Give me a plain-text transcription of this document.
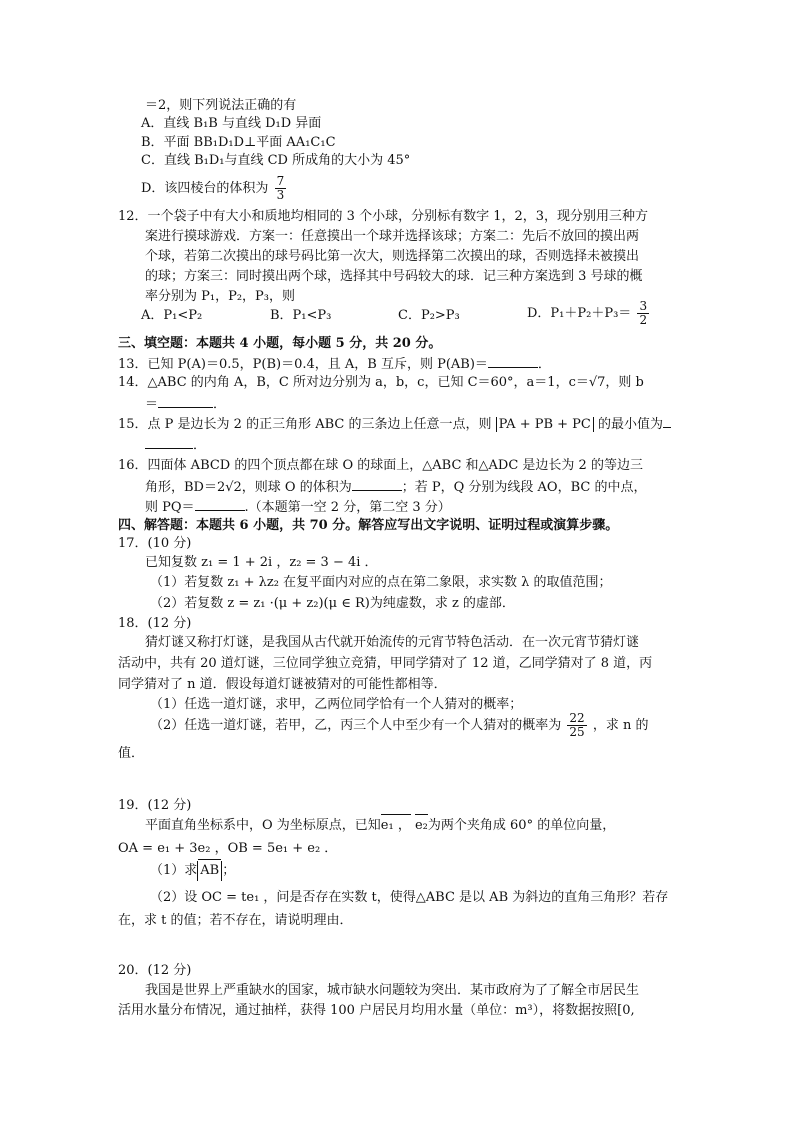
＝2，则下列说法正确的有
A．直线 B₁B 与直线 D₁D 异面
B．平面 BB₁D₁D⊥平面 AA₁C₁C
C．直线 B₁D₁与直线 CD 所成角的大小为 45°
D．该四棱台的体积为 $\frac{7}{3}$
12．一个袋子中有大小和质地均相同的 3 个小球，分别标有数字 1，2，3，现分别用三种方
案进行摸球游戏．方案一：任意摸出一个球并选择该球；方案二：先后不放回的摸出两
个球，若第二次摸出的球号码比第一次大，则选择第二次摸出的球，否则选择未被摸出
的球；方案三：同时摸出两个球，选择其中号码较大的球．记三种方案选到 3 号球的概
率分别为 P₁，P₂，P₃，则
A．P₁<P₂	B．P₁<P₃	C．P₂>P₃	D．$P_1+P_2+P_3= \frac{3}{2}$
三、填空题：本题共 4 小题，每小题 5 分，共 20 分。
13．已知 P(A)＝0.5，P(B)＝0.4，且 A，B 互斥，则 P(AB)＝	．
14．△ABC 的内角 A，B，C 所对边分别为 a，b，c，已知 C＝60°，a＝1，c＝√7，则 b
＝	．
15．点 P 是边长为 2 的正三角形 ABC 的三条边上任意一点，则 PA + PB + PC 的最小值为
．
16．四面体 ABCD 的四个顶点都在球 O 的球面上，△ABC 和△ADC 是边长为 2 的等边三
角形，BD＝2√2，则球 O 的体积为	；若 P，Q 分别为线段 AO，BC 的中点，
则 PQ＝	.（本题第一空 2 分，第二空 3 分）
四、解答题：本题共 6 小题，共 70 分。解答应写出文字说明、证明过程或演算步骤。
17．(10 分)
已知复数 z₁ = 1 + 2i ，z₂ = 3 − 4i ．
（1）若复数 z₁ + λz₂ 在复平面内对应的点在第二象限，求实数 λ 的取值范围；
（2）若复数 z = z₁ ·(μ + z₂)(μ ∈ R)为纯虚数，求 z 的虚部．
18．(12 分)
猜灯谜又称打灯谜，是我国从古代就开始流传的元宵节特色活动．在一次元宵节猜灯谜
活动中，共有 20 道灯谜，三位同学独立竞猜，甲同学猜对了 12 道，乙同学猜对了 8 道，丙
同学猜对了 n 道．假设每道灯谜被猜对的可能性都相等．
（1）任选一道灯谜，求甲，乙两位同学恰有一个人猜对的概率；
（2）任选一道灯谜，若甲，乙，丙三个人中至少有一个人猜对的概率为 $\frac{22}{25}$ ，求 n 的
值．
19．(12 分)
平面直角坐标系中，O 为坐标原点，已知e₁ ， e₂为两个夹角成 60° 的单位向量，
OA = e₁ + 3e₂ ，OB = 5e₁ + e₂ ．
（1）求 AB ；
（2）设 OC = te₁ ，问是否存在实数 t，使得△ABC 是以 AB 为斜边的直角三角形？若存
在，求 t 的值；若不存在，请说明理由．
20．(12 分)
我国是世界上严重缺水的国家，城市缺水问题较为突出．某市政府为了了解全市居民生
活用水量分布情况，通过抽样，获得 100 户居民月均用水量（单位：m³），将数据按照[0,
